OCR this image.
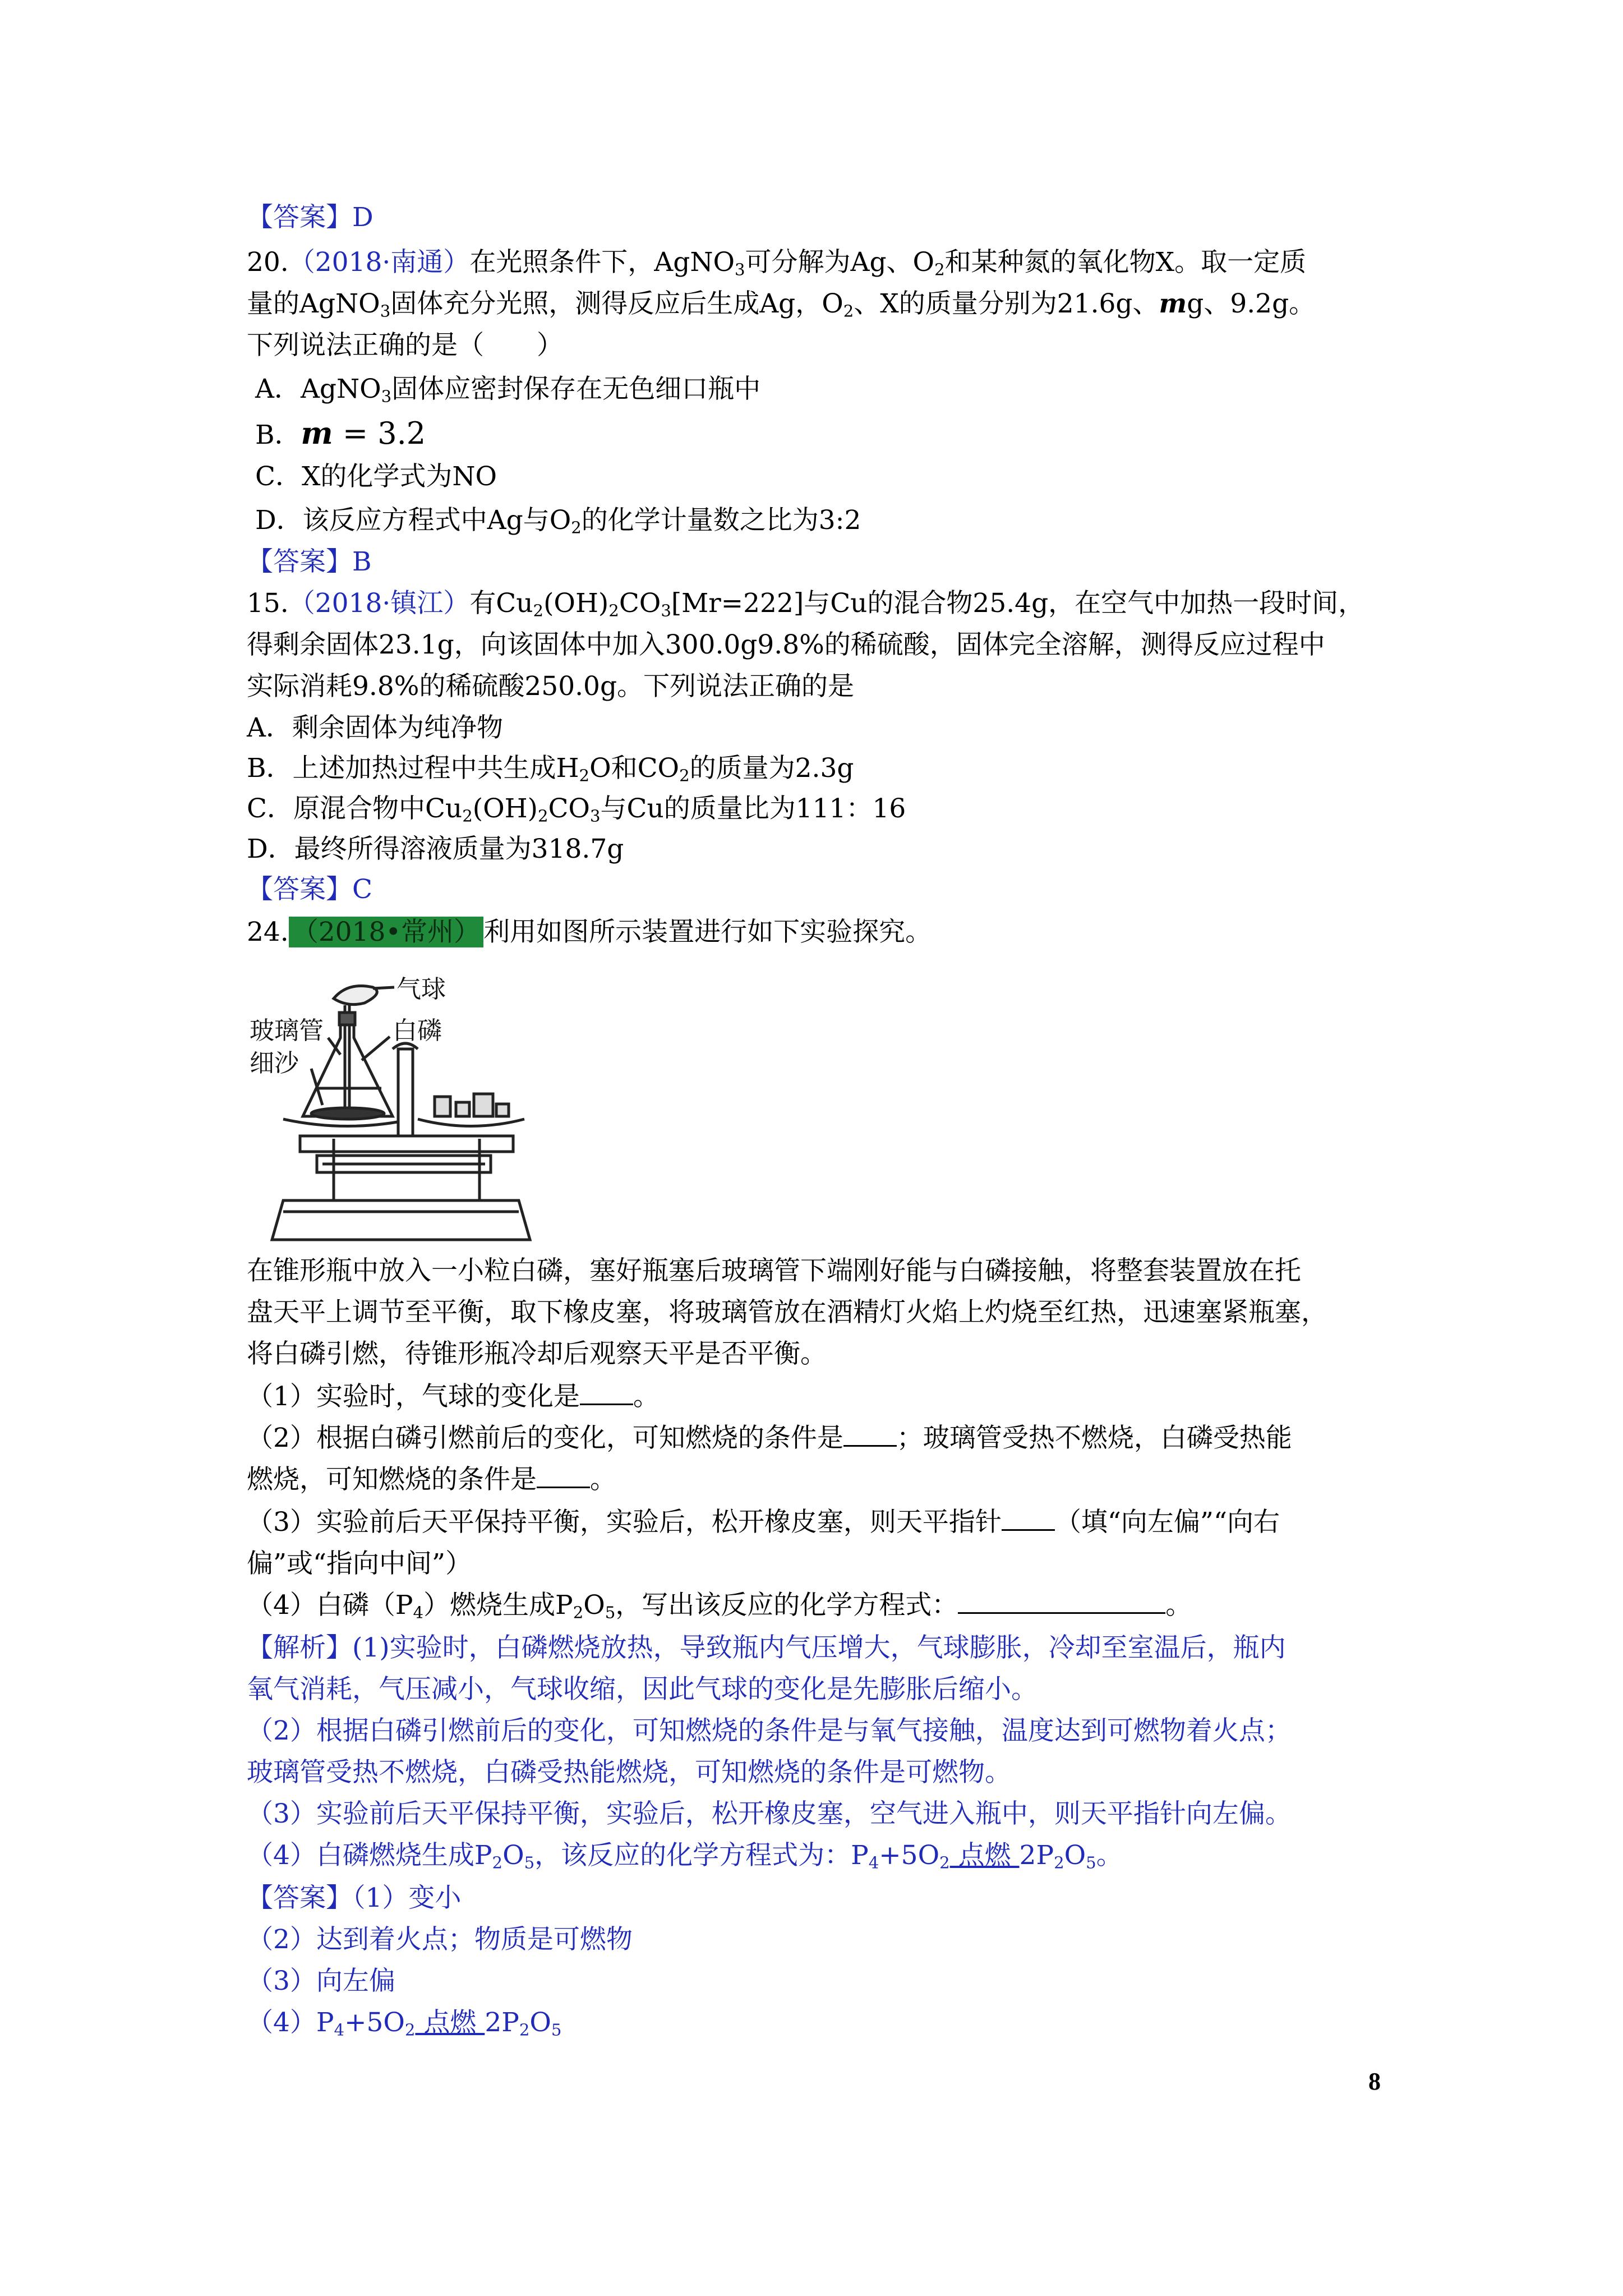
【答案】D
20.（2018·南通）在光照条件下，AgNO$_3$可分解为Ag、$O_2$和某种氮的氧化物X。取一定质
量的AgNO$_3$固体充分光照，测得反应后生成Ag，$O_2$、X的质量分别为21.6g、mg、9.2g。
下列说法正确的是（　　）
A．AgNO$_3$固体应密封保存在无色细口瓶中
B．m = 3.2
C．X的化学式为NO
D．该反应方程式中Ag与$O_2$的化学计量数之比为3:2
【答案】B
15.（2018·镇江）有$Cu_2(OH)_2CO_3[Mr=222]$与Cu的混合物25.4g，在空气中加热一段时间，
得剩余固体23.1g，向该固体中加入300.0g9.8%的稀硫酸，固体完全溶解，测得反应过程中
实际消耗9.8%的稀硫酸250.0g。下列说法正确的是
A．剩余固体为纯净物
B．上述加热过程中共生成$H_2O$和$CO_2$的质量为2.3g
C．原混合物中$Cu_2(OH)_2CO_3$与Cu的质量比为111：16
D．最终所得溶液质量为318.7g
【答案】C
24. （2018•常州） 利用如图所示装置进行如下实验探究。
气球
玻璃管	白磷
细沙
在锥形瓶中放入一小粒白磷，塞好瓶塞后玻璃管下端刚好能与白磷接触，将整套装置放在托
盘天平上调节至平衡，取下橡皮塞，将玻璃管放在酒精灯火焰上灼烧至红热，迅速塞紧瓶塞，
将白磷引燃，待锥形瓶冷却后观察天平是否平衡。
（1）实验时，气球的变化是 。
（2）根据白磷引燃前后的变化，可知燃烧的条件是 ；玻璃管受热不燃烧，白磷受热能
燃烧，可知燃烧的条件是 。
（3）实验前后天平保持平衡，实验后，松开橡皮塞，则天平指针 （填“向左偏”“向右
偏”或“指向中间”）
（4）白磷$(P_4)$燃烧生成$P_2O_5$，写出该反应的化学方程式：	。
【解析】(1)实验时，白磷燃烧放热，导致瓶内气压增大，气球膨胀，冷却至室温后，瓶内
氧气消耗，气压减小，气球收缩，因此气球的变化是先膨胀后缩小。
（2）根据白磷引燃前后的变化，可知燃烧的条件是与氧气接触，温度达到可燃物着火点；
玻璃管受热不燃烧，白磷受热能燃烧，可知燃烧的条件是可燃物。
（3）实验前后天平保持平衡，实验后，松开橡皮塞，空气进入瓶中，则天平指针向左偏。
（4）白磷燃烧生成$P_2O_5$，该反应的化学方程式为：$P_4+5O_2$ 点燃 $2P_2O_5$。
【答案】（1）变小
（2）达到着火点；物质是可燃物
（3）向左偏
$(4)P_4+5O_2$ 点燃 $2P_2O_5$
8
